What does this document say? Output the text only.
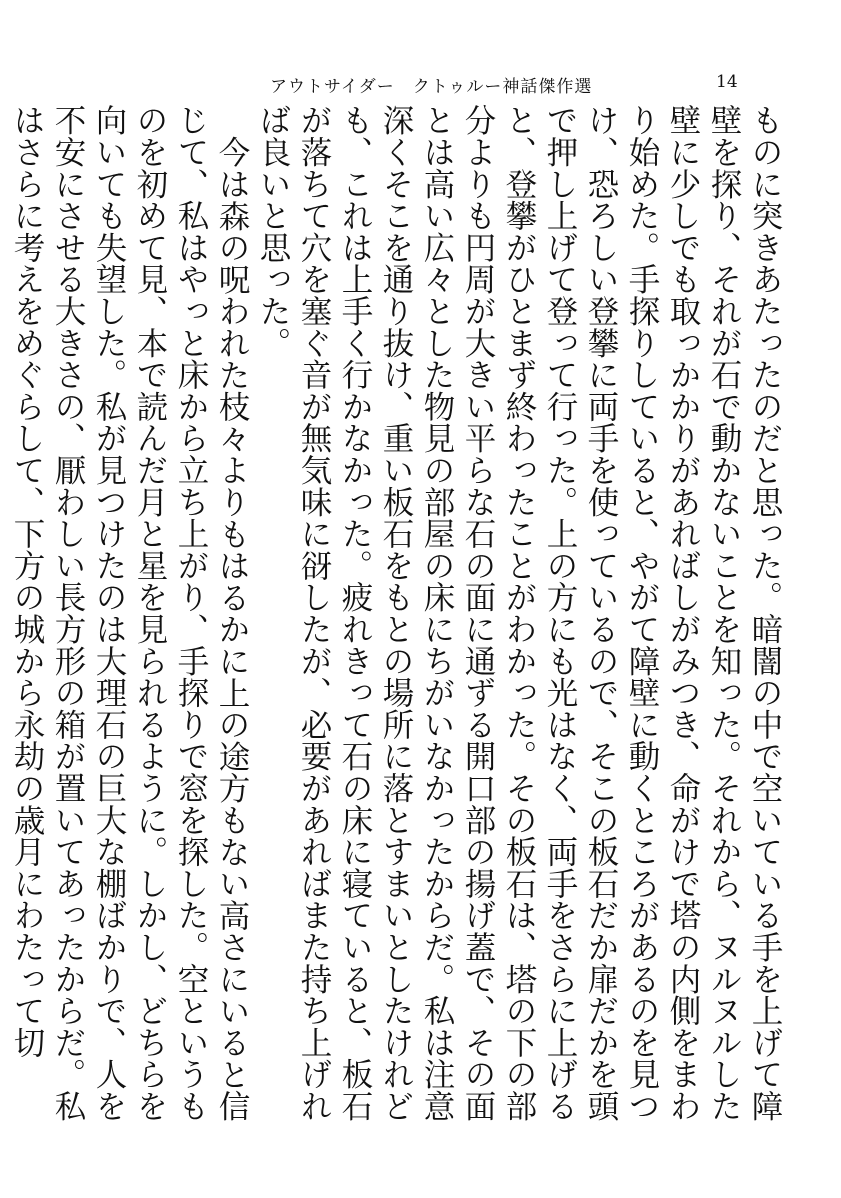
アウトサイダー　クトゥルー神話傑作選	14

ものに突きあたったのだと思った。暗闇の中で空いている手を上げて障壁を探り、それが石で動かないことを知った。それから、ヌルヌルした壁に少しでも取っかかりがあればしがみつき、命がけで塔の内側をまわり始めた。手探りしていると、やがて障壁に動くところがあるのを見つけ、恐ろしい登攀に両手を使っているので、そこの板石だか扉だかを頭で押し上げて登って行った。上の方にも光はなく、両手をさらに上げると、登攀がひとまず終わったことがわかった。その板石は、塔の下の部分よりも円周が大きい平らな石の面に通ずる開口部の揚げ蓋で、その面とは高い広々とした物見の部屋の床にちがいなかったからだ。私は注意深くそこを通り抜け、重い板石をもとの場所に落とすまいとしたけれども、これは上手く行かなかった。疲れきって石の床に寝ていると、板石が落ちて穴を塞ぐ音が無気味に谺したが、必要があればまた持ち上げれば良いと思った。

今は森の呪われた枝々よりもはるかに上の途方もない高さにいると信じて、私はやっと床から立ち上がり、手探りで窓を探した。空というものを初めて見、本で読んだ月と星を見られるように。しかし、どちらを向いても失望した。私が見つけたのは大理石の巨大な棚ばかりで、人を不安にさせる大きさの、厭わしい長方形の箱が置いてあったからだ。私はさらに考えをめぐらして、下方の城から永劫の歳月にわたって切
